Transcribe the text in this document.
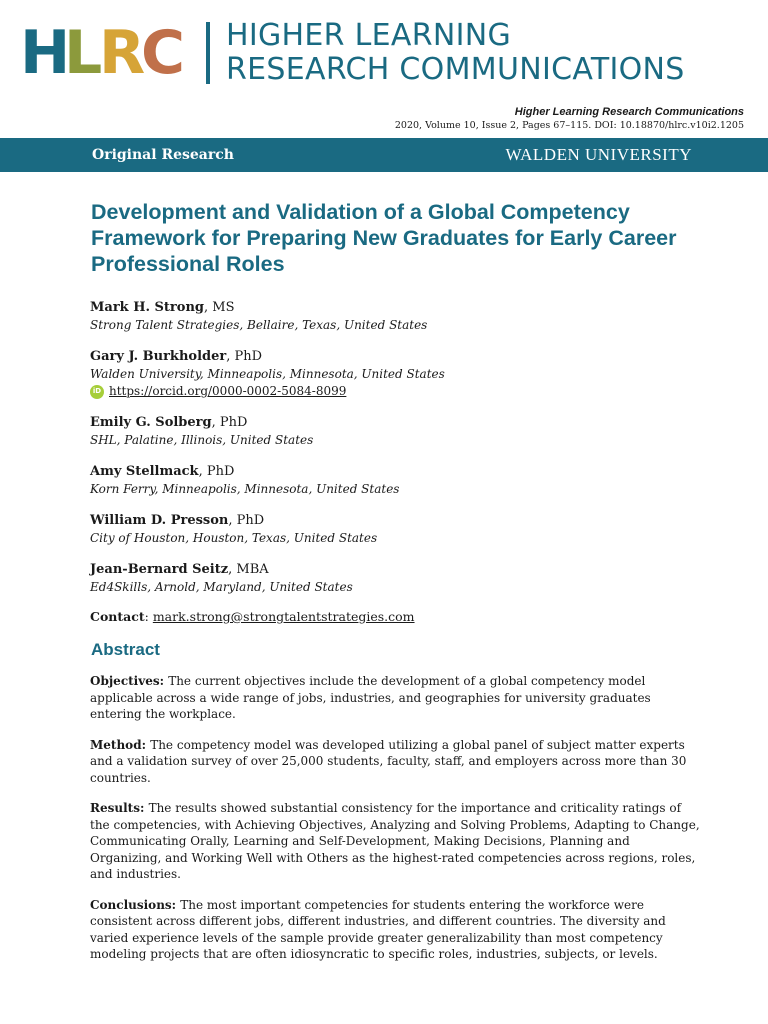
H
L
R
C HIGHER LEARNING
RESEARCH COMMUNICATIONS
Higher Learning Research Communications
2020, Volume 10, Issue 2, Pages 67–115. DOI: 10.18870/hlrc.v10i2.1205
Original Research	WALDEN UNIVERSITY
Development and Validation of a Global Competency Framework for Preparing New Graduates for Early Career Professional Roles
Mark H. Strong, MS
Strong Talent Strategies, Bellaire, Texas, United States
Gary J. Burkholder, PhD
Walden University, Minneapolis, Minnesota, United States
iD https://orcid.org/0000-0002-5084-8099
Emily G. Solberg, PhD
SHL, Palatine, Illinois, United States
Amy Stellmack, PhD
Korn Ferry, Minneapolis, Minnesota, United States
William D. Presson, PhD
City of Houston, Houston, Texas, United States
Jean-Bernard Seitz, MBA
Ed4Skills, Arnold, Maryland, United States
Contact: mark.strong@strongtalentstrategies.com
Abstract

Objectives: The current objectives include the development of a global competency model applicable across a wide range of jobs, industries, and geographies for university graduates entering the workplace.

Method: The competency model was developed utilizing a global panel of subject matter experts and a validation survey of over 25,000 students, faculty, staff, and employers across more than 30 countries.

Results: The results showed substantial consistency for the importance and criticality ratings of the competencies, with Achieving Objectives, Analyzing and Solving Problems, Adapting to Change, Communicating Orally, Learning and Self-Development, Making Decisions, Planning and Organizing, and Working Well with Others as the highest-rated competencies across regions, roles, and industries.

Conclusions: The most important competencies for students entering the workforce were consistent across different jobs, different industries, and different countries. The diversity and varied experience levels of the sample provide greater generalizability than most competency modeling projects that are often idiosyncratic to specific roles, industries, subjects, or levels.
